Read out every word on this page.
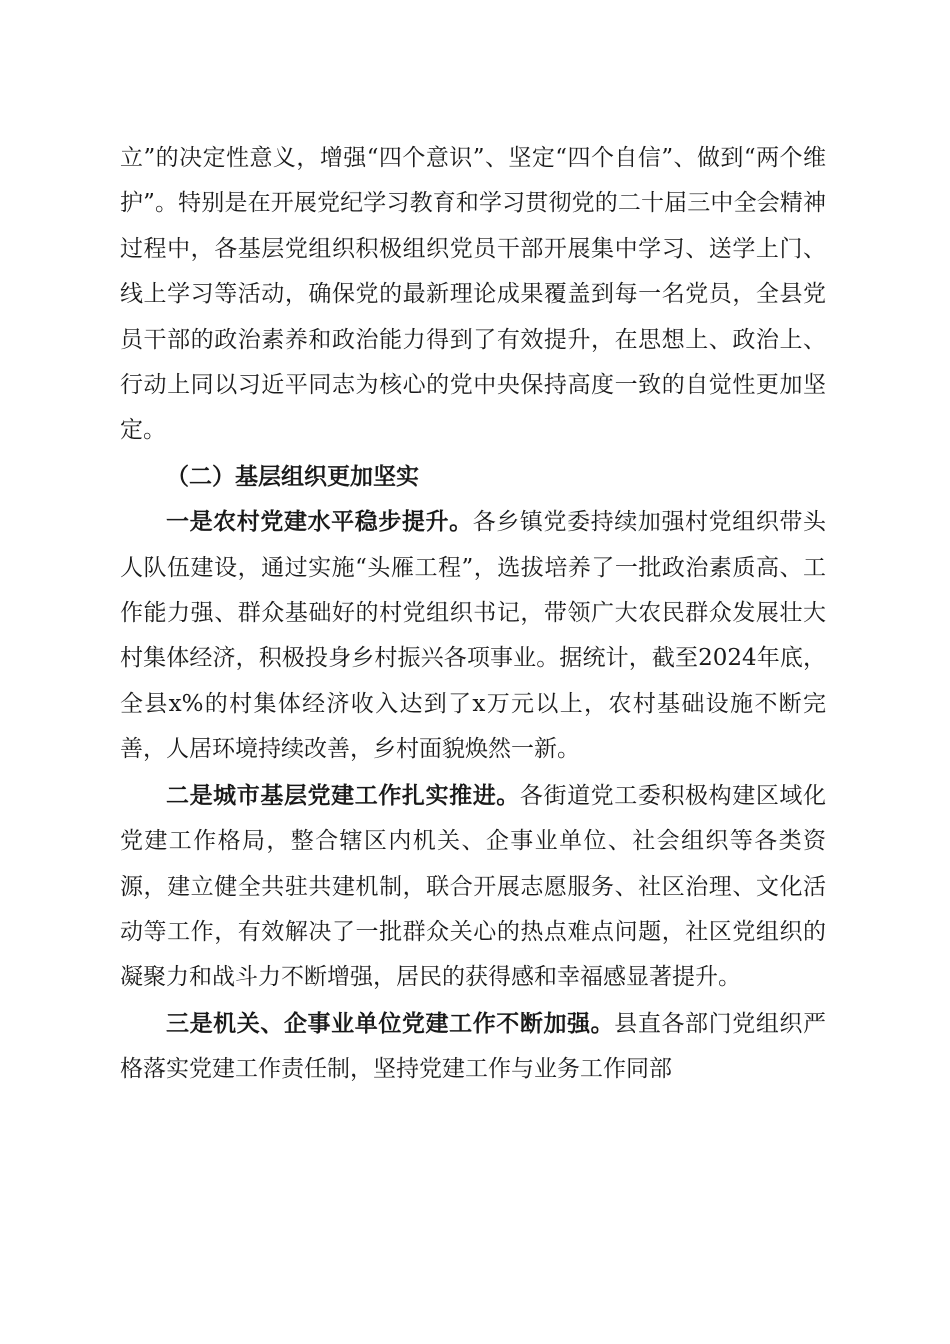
立”的决定性意义，增强“四个意识”、坚定“四个自信”、做到“两个维护”。特别是在开展党纪学习教育和学习贯彻党的二十届三中全会精神过程中，各基层党组织积极组织党员干部开展集中学习、送学上门、线上学习等活动，确保党的最新理论成果覆盖到每一名党员，全县党员干部的政治素养和政治能力得到了有效提升，在思想上、政治上、行动上同以习近平同志为核心的党中央保持高度一致的自觉性更加坚定。

（二）基层组织更加坚实

一是农村党建水平稳步提升。各乡镇党委持续加强村党组织带头人队伍建设，通过实施“头雁工程”，选拔培养了一批政治素质高、工作能力强、群众基础好的村党组织书记，带领广大农民群众发展壮大村集体经济，积极投身乡村振兴各项事业。据统计，截至2024年底，全县x%的村集体经济收入达到了x万元以上，农村基础设施不断完善，人居环境持续改善，乡村面貌焕然一新。

二是城市基层党建工作扎实推进。各街道党工委积极构建区域化党建工作格局，整合辖区内机关、企事业单位、社会组织等各类资源，建立健全共驻共建机制，联合开展志愿服务、社区治理、文化活动等工作，有效解决了一批群众关心的热点难点问题，社区党组织的凝聚力和战斗力不断增强，居民的获得感和幸福感显著提升。

三是机关、企事业单位党建工作不断加强。县直各部门党组织严格落实党建工作责任制，坚持党建工作与业务工作同部
